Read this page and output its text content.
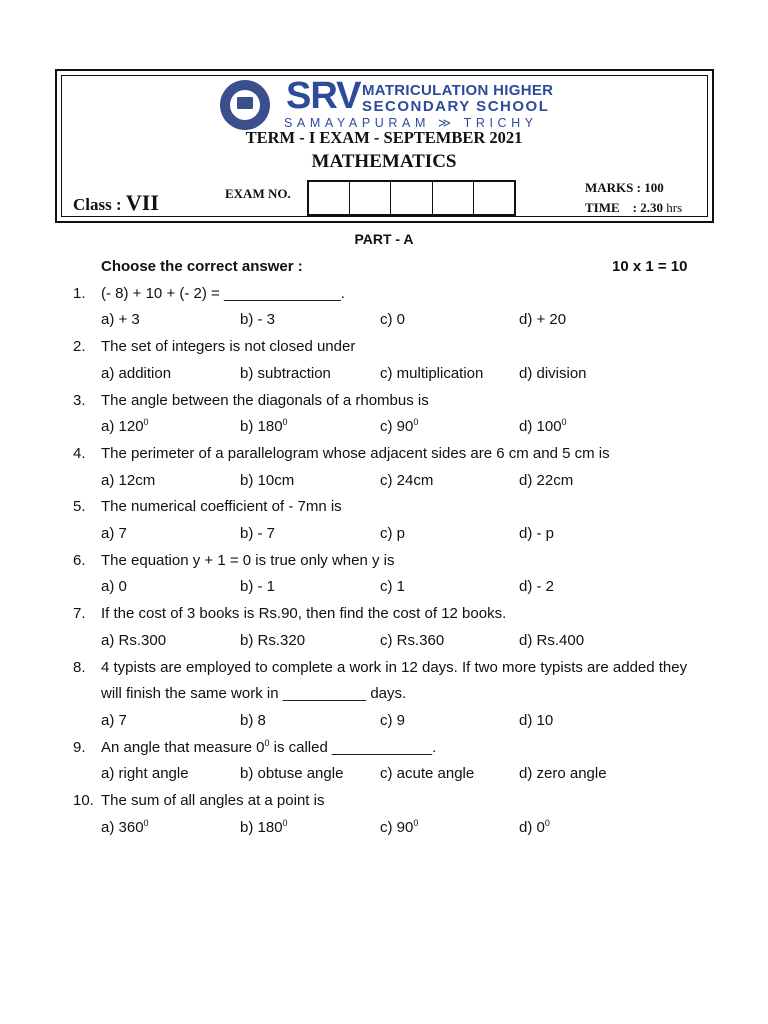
SRV MATRICULATION HIGHER
SECONDARY SCHOOL
SAMAYAPURAM ≫ TRICHY
TERM - I EXAM - SEPTEMBER 2021
MATHEMATICS
Class : VII	EXAM NO.	MARKS : 100
TIME : 2.30 hrs
PART - A
Choose the correct answer :	10 x 1 = 10
1. (- 8) + 10 + (- 2) = ______________.
a) + 3	b) - 3	c) 0	d) + 20
2. The set of integers is not closed under
a) addition	b) subtraction	c) multiplication d) division
3. The angle between the diagonals of a rhombus is
a) $120^0$	b) $180^0$	c) $90^0$	d) $100^0$
4. The perimeter of a parallelogram whose adjacent sides are 6 cm and 5 cm is
a) 12cm	b) 10cm	c) 24cm	d) 22cm
5. The numerical coefficient of - 7mn is
a) 7	b) - 7	c) p	d) - p
6. The equation y + 1 = 0 is true only when y is
a) 0	b) - 1	c) 1	d) - 2
7. If the cost of 3 books is Rs.90, then find the cost of 12 books.
a) Rs.300	b) Rs.320	c) Rs.360	d) Rs.400
8. 4 typists are employed to complete a work in 12 days. If two more typists are added they
will finish the same work in __________ days.
a) 7	b) 8	c) 9	d) 10
9. An angle that measure $0^0$ is called ____________.
a) right angle	b) obtuse angle c) acute angle	d) zero angle
10. The sum of all angles at a point is
a) $360^0$	b) $180^0$	c) $90^0$	d) $0^0$
